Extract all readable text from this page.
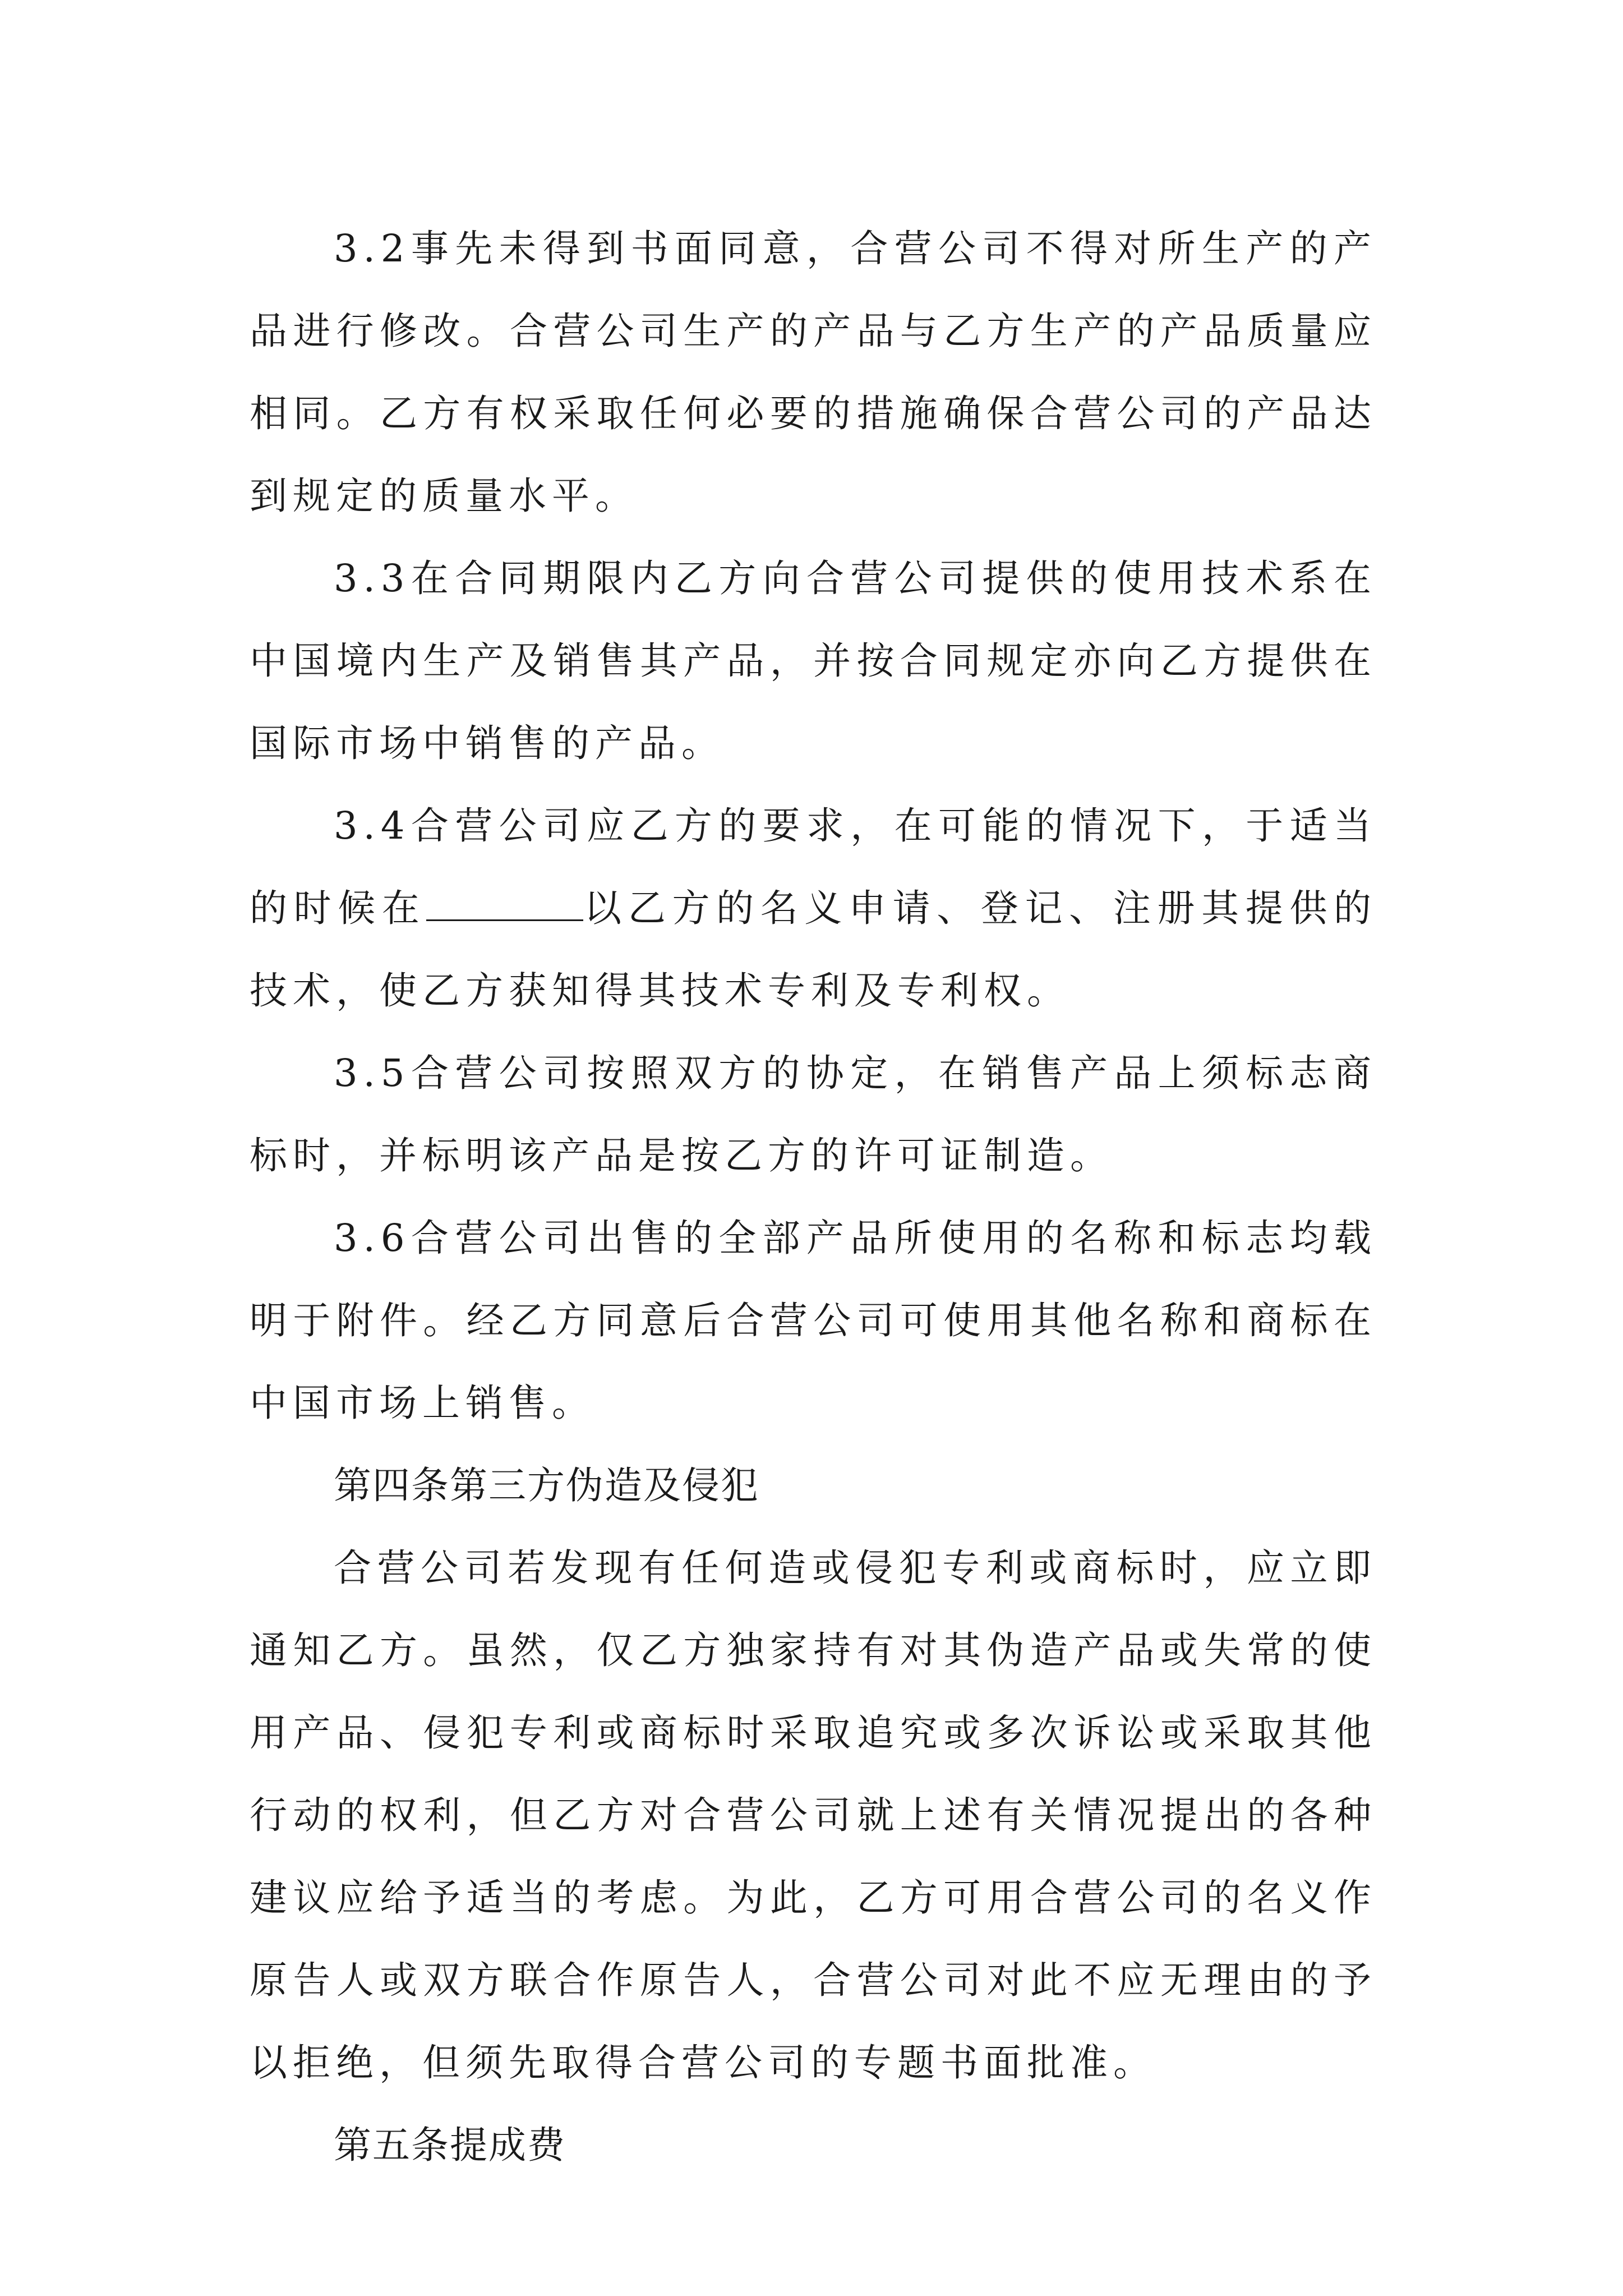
3.2事先未得到书面同意，合营公司不得对所生产的产品进行修改。合营公司生产的产品与乙方生产的产品质量应相同。乙方有权采取任何必要的措施确保合营公司的产品达到规定的质量水平。

3.3在合同期限内乙方向合营公司提供的使用技术系在中国境内生产及销售其产品，并按合同规定亦向乙方提供在国际市场中销售的产品。

3.4合营公司应乙方的要求，在可能的情况下，于适当的时候在	以乙方的名义申请、登记、注册其提供的技术，使乙方获知得其技术专利及专利权。

3.5合营公司按照双方的协定，在销售产品上须标志商标时，并标明该产品是按乙方的许可证制造。

3.6合营公司出售的全部产品所使用的名称和标志均载明于附件。经乙方同意后合营公司可使用其他名称和商标在中国市场上销售。

第四条第三方伪造及侵犯

合营公司若发现有任何造或侵犯专利或商标时，应立即通知乙方。虽然，仅乙方独家持有对其伪造产品或失常的使用产品、侵犯专利或商标时采取追究或多次诉讼或采取其他行动的权利，但乙方对合营公司就上述有关情况提出的各种建议应给予适当的考虑。为此，乙方可用合营公司的名义作原告人或双方联合作原告人，合营公司对此不应无理由的予以拒绝，但须先取得合营公司的专题书面批准。

第五条提成费
